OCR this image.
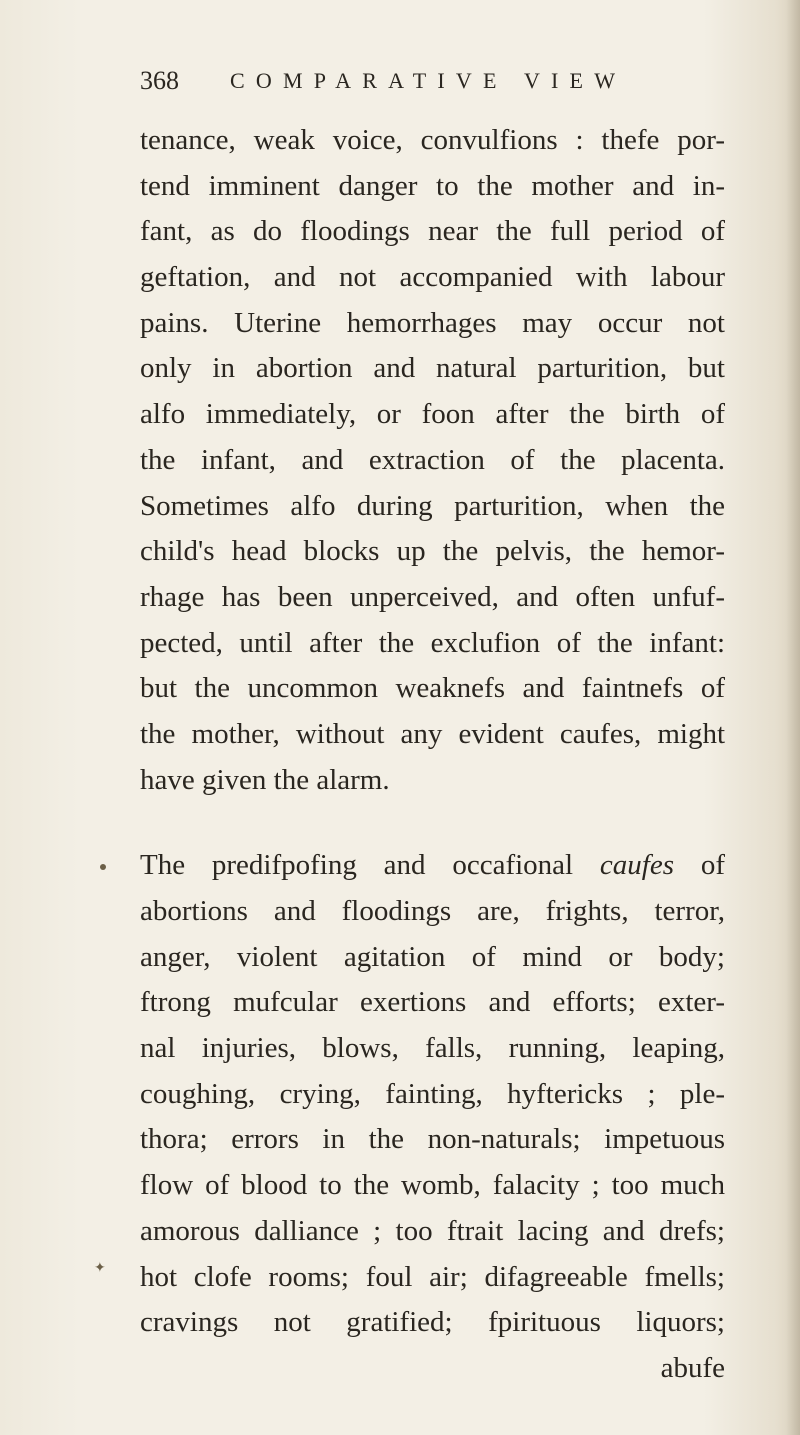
368 COMPARATIVE VIEW
tenance, weak voice, convulfions : thefe por-
tend imminent danger to the mother and in-
fant, as do floodings near the full period of
geftation, and not accompanied with labour
pains. Uterine hemorrhages may occur not
only in abortion and natural parturition, but
alfo immediately, or foon after the birth of
the infant, and extraction of the placenta.
Sometimes alfo during parturition, when the
child's head blocks up the pelvis, the hemor-
rhage has been unperceived, and often unfuf-
pected, until after the exclufion of the infant:
but the uncommon weaknefs and faintnefs of
the mother, without any evident caufes, might
have given the alarm.
The predifpofing and occafional caufes of
abortions and floodings are, frights, terror,
anger, violent agitation of mind or body;
ftrong mufcular exertions and efforts; exter-
nal injuries, blows, falls, running, leaping,
coughing, crying, fainting, hyftericks ; ple-
thora; errors in the non-naturals; impetuous
flow of blood to the womb, falacity ; too much
amorous dalliance ; too ftrait lacing and drefs;
hot clofe rooms; foul air; difagreeable fmells;
cravings not gratified; fpirituous liquors;
abufe
✦
